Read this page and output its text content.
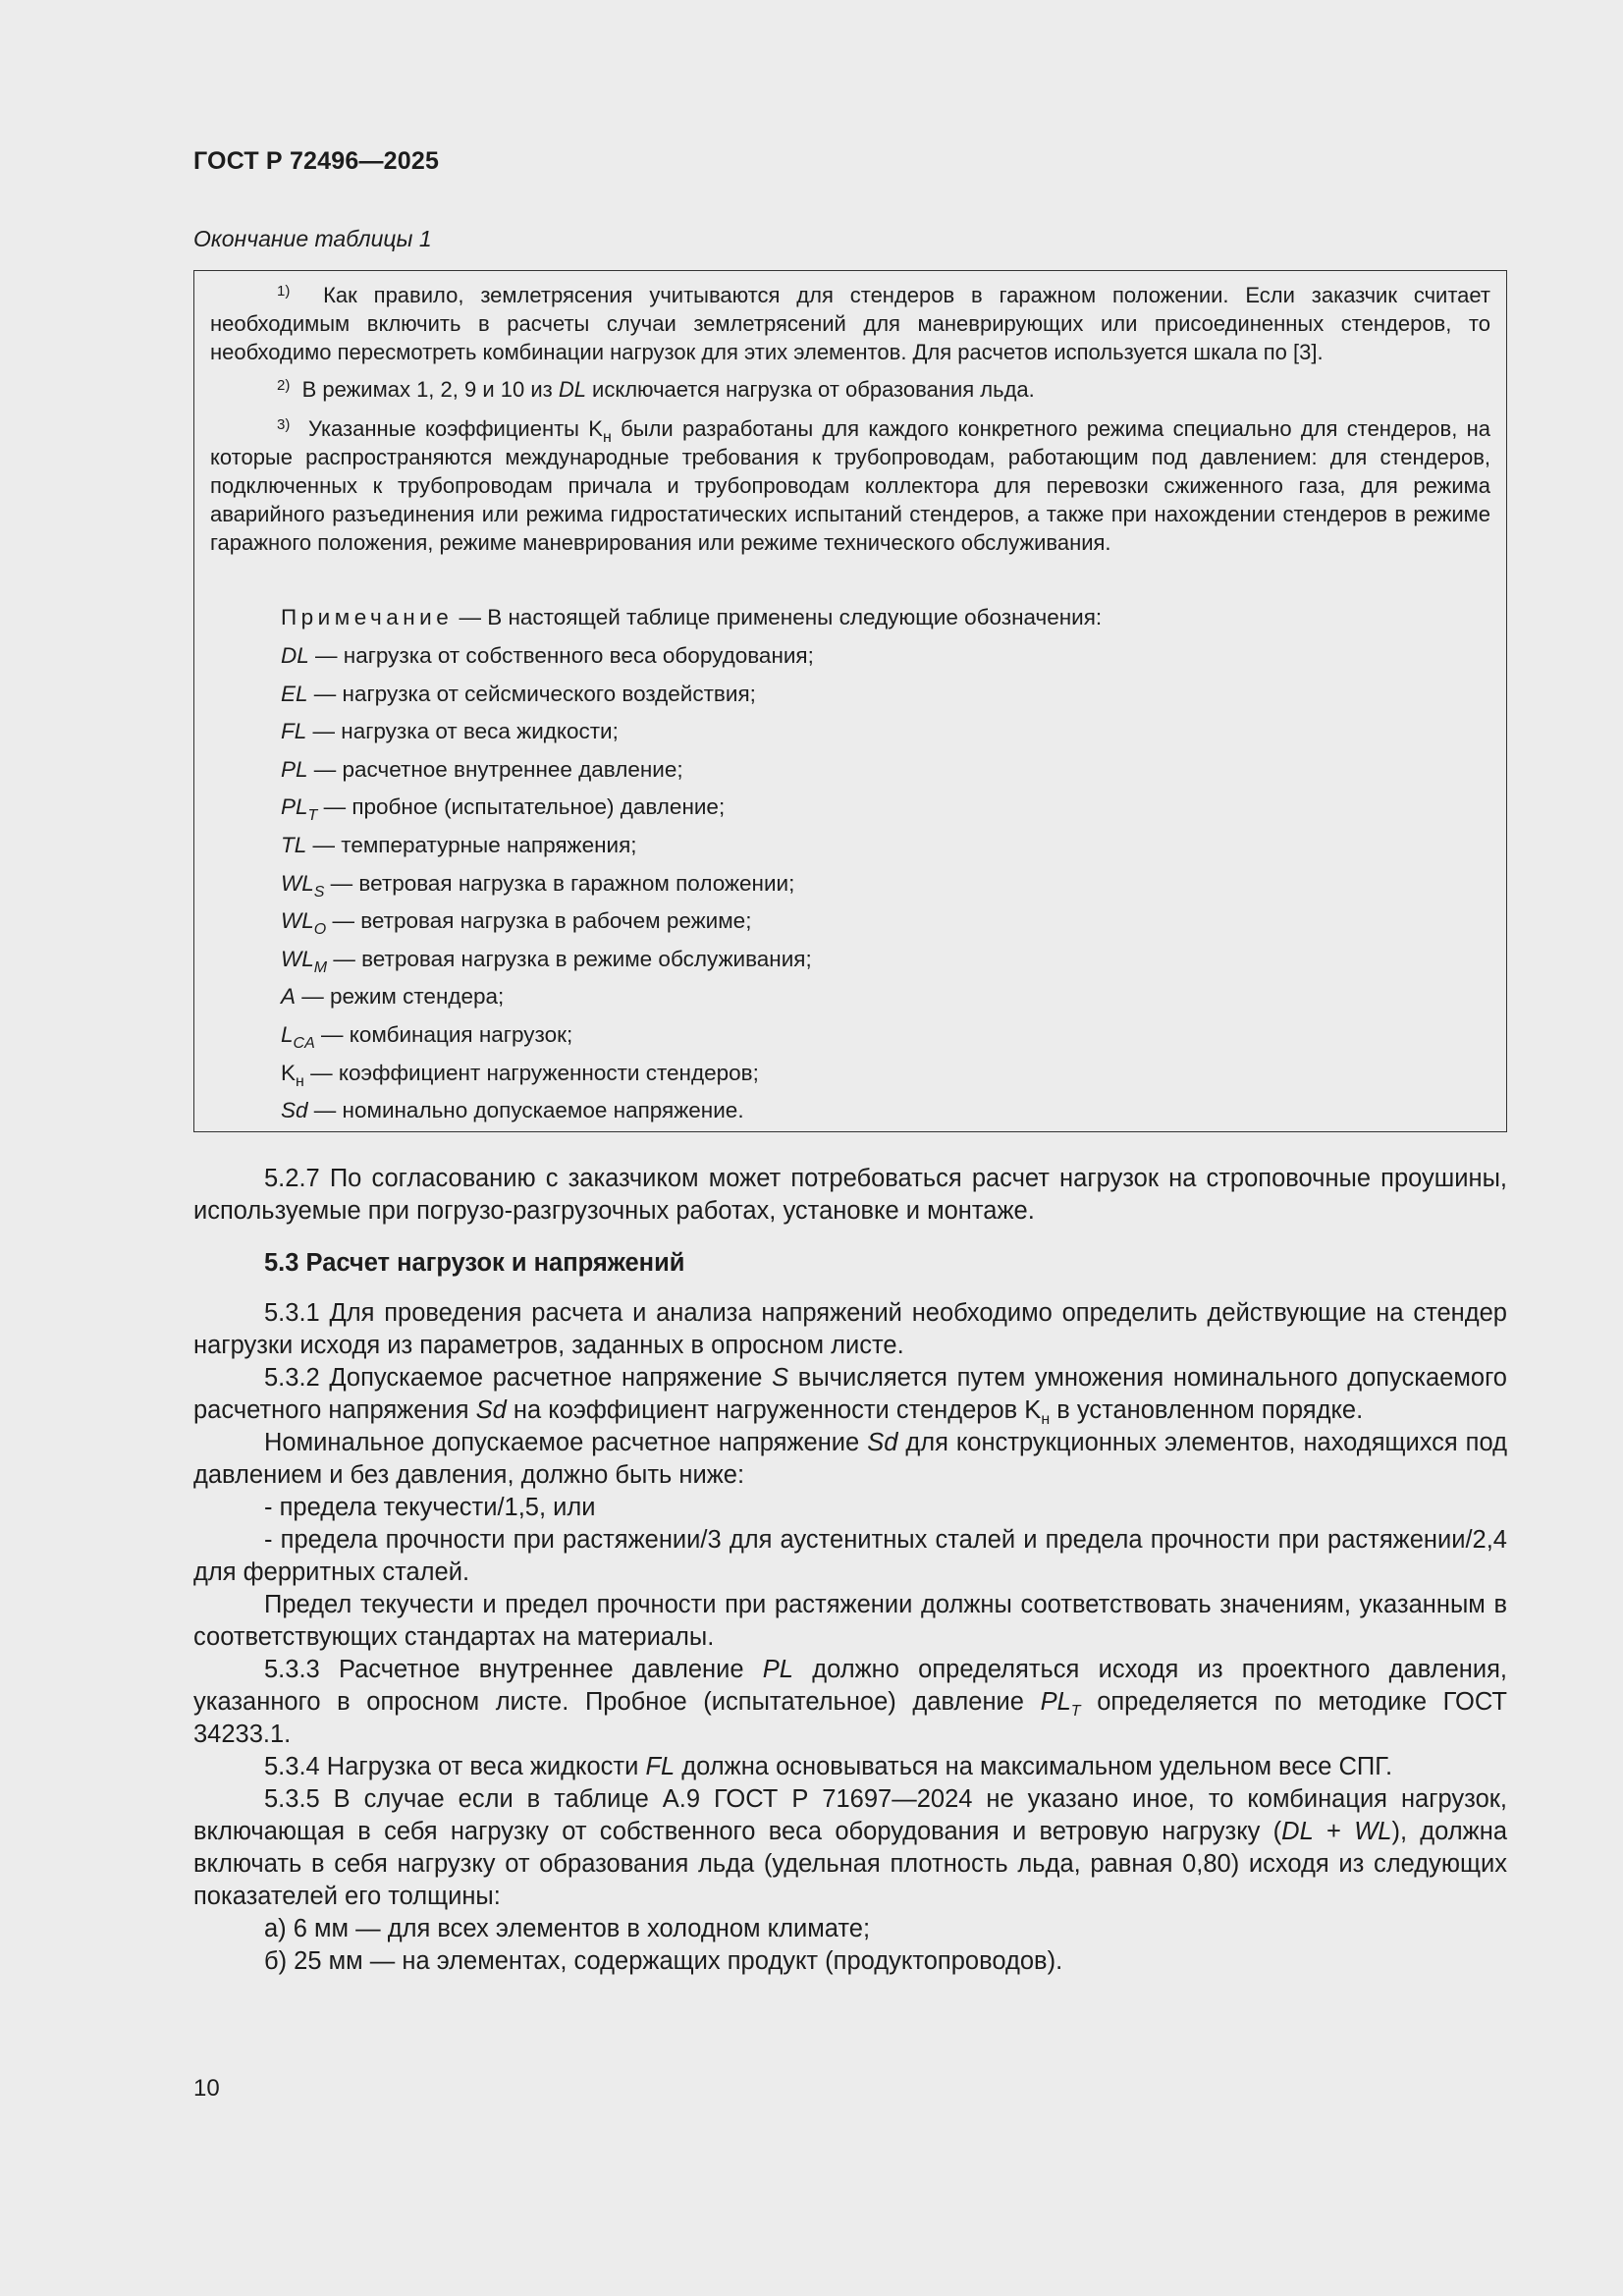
ГОСТ Р 72496—2025
Окончание таблицы 1
$^{1)}$ Как правило, землетрясения учитываются для стендеров в гаражном положении. Если заказчик считает необходимым включить в расчеты случаи землетрясений для маневрирующих или присоединенных стендеров, то необходимо пересмотреть комбинации нагрузок для этих элементов. Для расчетов используется шкала по [3].
$^{2)}$ В режимах 1, 2, 9 и 10 из DL исключается нагрузка от образования льда.
$^{3)}$ Указанные коэффициенты $K_н$ были разработаны для каждого конкретного режима специально для стендеров, на которые распространяются международные требования к трубопроводам, работающим под давлением: для стендеров, подключенных к трубопроводам причала и трубопроводам коллектора для перевозки сжиженного газа, для режима аварийного разъединения или режима гидростатических испытаний стендеров, а также при нахождении стендеров в режиме гаражного положения, режиме маневрирования или режиме технического обслуживания.
Примечание — В настоящей таблице применены следующие обозначения:
DL — нагрузка от собственного веса оборудования;
EL — нагрузка от сейсмического воздействия;
FL — нагрузка от веса жидкости;
PL — расчетное внутреннее давление;
$PL_T$ — пробное (испытательное) давление;
TL — температурные напряжения;
$WL_S$ — ветровая нагрузка в гаражном положении;
$WL_O$ — ветровая нагрузка в рабочем режиме;
$WL_M$ — ветровая нагрузка в режиме обслуживания;
A — режим стендера;
$L_{CA}$ — комбинация нагрузок;
$K_н$ — коэффициент нагруженности стендеров;
Sd — номинально допускаемое напряжение.

5.2.7 По согласованию с заказчиком может потребоваться расчет нагрузок на строповочные проушины, используемые при погрузо-разгрузочных работах, установке и монтаже.

5.3 Расчет нагрузок и напряжений

5.3.1 Для проведения расчета и анализа напряжений необходимо определить действующие на стендер нагрузки исходя из параметров, заданных в опросном листе.

5.3.2 Допускаемое расчетное напряжение S вычисляется путем умножения номинального допускаемого расчетного напряжения Sd на коэффициент нагруженности стендеров $K_н$ в установленном порядке.

Номинальное допускаемое расчетное напряжение Sd для конструкционных элементов, находящихся под давлением и без давления, должно быть ниже:

- предела текучести/1,5, или

- предела прочности при растяжении/3 для аустенитных сталей и предела прочности при растяжении/2,4 для ферритных сталей.

Предел текучести и предел прочности при растяжении должны соответствовать значениям, указанным в соответствующих стандартах на материалы.

5.3.3 Расчетное внутреннее давление PL должно определяться исходя из проектного давления, указанного в опросном листе. Пробное (испытательное) давление $PL_T$ определяется по методике ГОСТ 34233.1.

5.3.4 Нагрузка от веса жидкости FL должна основываться на максимальном удельном весе СПГ.

5.3.5 В случае если в таблице А.9 ГОСТ Р 71697—2024 не указано иное, то комбинация нагрузок, включающая в себя нагрузку от собственного веса оборудования и ветровую нагрузку (DL + WL), должна включать в себя нагрузку от образования льда (удельная плотность льда, равная 0,80) исходя из следующих показателей его толщины:

а) 6 мм — для всех элементов в холодном климате;

б) 25 мм — на элементах, содержащих продукт (продуктопроводов).

10
